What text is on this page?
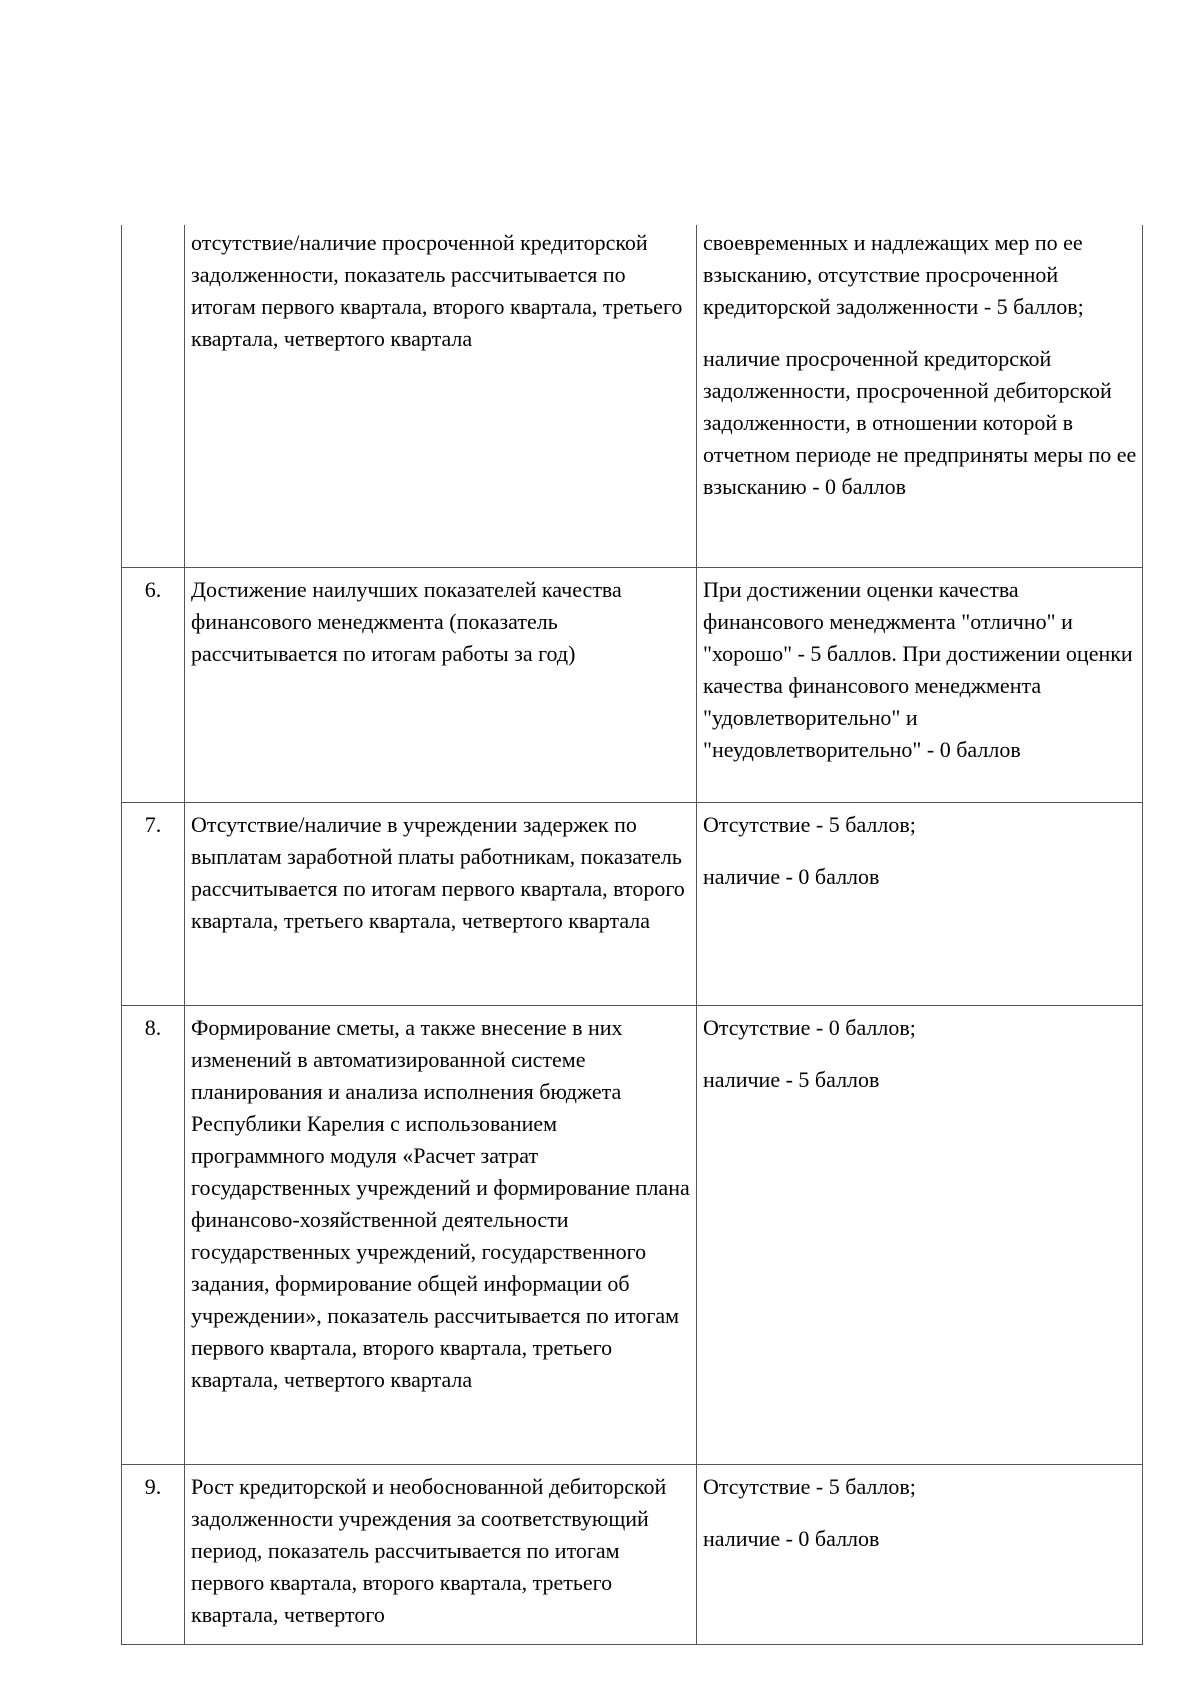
	отсутствие/наличие просроченной кредиторской задолженности, показатель рассчитывается по итогам первого квартала, второго квартала, третьего квартала, четвертого квартала	своевременных и надлежащих мер по ее взысканию, отсутствие просроченной кредиторской задолженности - 5 баллов;

наличие просроченной кредиторской задолженности, просроченной дебиторской задолженности, в отношении которой в отчетном периоде не предприняты меры по ее взысканию - 0 баллов

6.	Достижение наилучших показателей качества финансового менеджмента (показатель рассчитывается по итогам работы за год)	При достижении оценки качества финансового менеджмента "отлично" и "хорошо" - 5 баллов. При достижении оценки качества финансового менеджмента "удовлетворительно" и "неудовлетворительно" - 0 баллов

7.	Отсутствие/наличие в учреждении задержек по выплатам заработной платы работникам, показатель рассчитывается по итогам первого квартала, второго квартала, третьего квартала, четвертого квартала	Отсутствие - 5 баллов;

наличие - 0 баллов

8.	Формирование сметы, а также внесение в них изменений в автоматизированной системе планирования и анализа исполнения бюджета Республики Карелия с использованием программного модуля «Расчет затрат государственных учреждений и формирование плана финансово-хозяйственной деятельности государственных учреждений, государственного задания, формирование общей информации об учреждении», показатель рассчитывается по итогам первого квартала, второго квартала, третьего квартала, четвертого квартала	Отсутствие - 0 баллов;

наличие - 5 баллов

9.	Рост кредиторской и необоснованной дебиторской задолженности учреждения за соответствующий период, показатель рассчитывается по итогам первого квартала, второго квартала, третьего квартала, четвертого	Отсутствие - 5 баллов;

наличие - 0 баллов
